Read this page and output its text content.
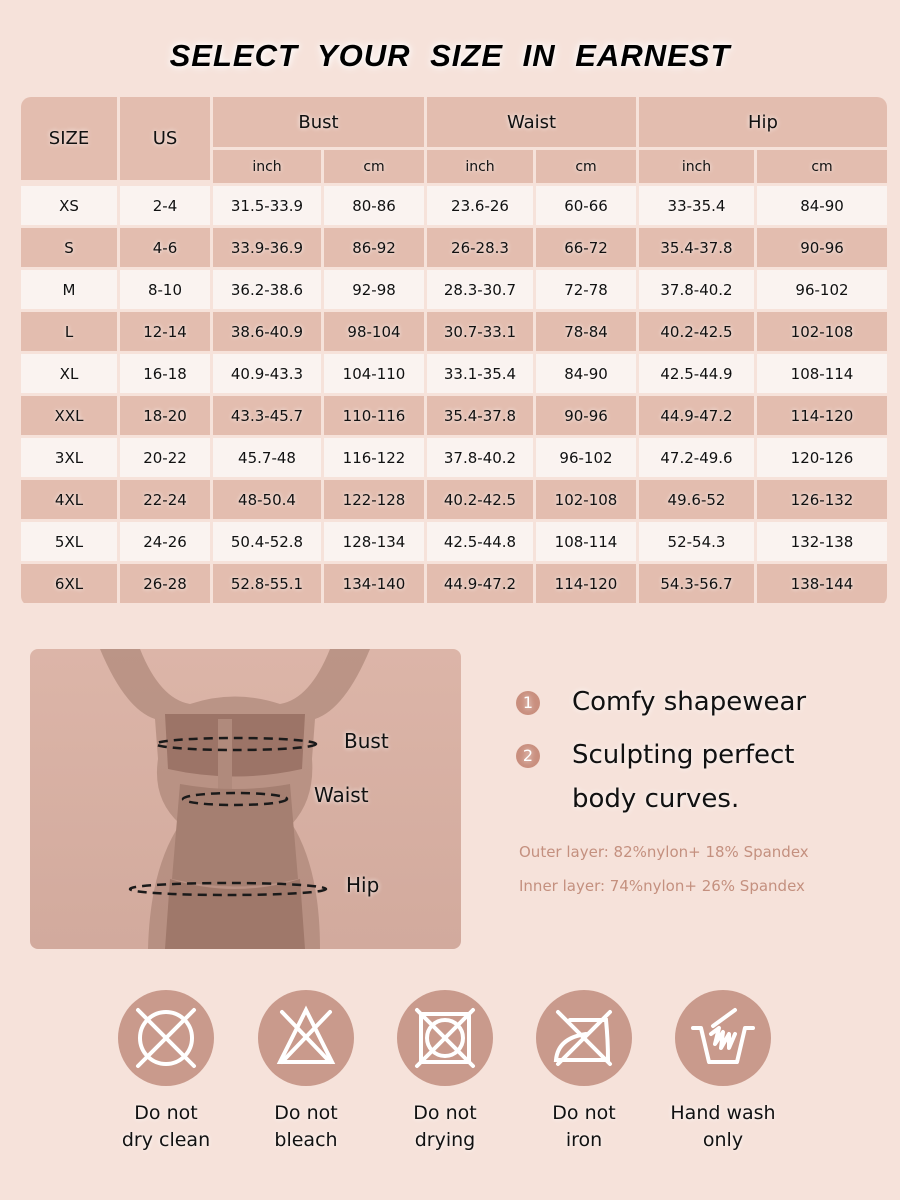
SELECT YOUR SIZE IN EARNEST
SIZE	US	Bust		Waist		Hip	
		inch	cm	inch	cm	inch	cm
XS	2-4	31.5-33.9	80-86	23.6-26	60-66	33-35.4	84-90
S	4-6	33.9-36.9	86-92	26-28.3	66-72	35.4-37.8	90-96
M	8-10	36.2-38.6	92-98	28.3-30.7	72-78	37.8-40.2	96-102
L	12-14	38.6-40.9	98-104	30.7-33.1	78-84	40.2-42.5	102-108
XL	16-18	40.9-43.3	104-110	33.1-35.4	84-90	42.5-44.9	108-114
XXL	18-20	43.3-45.7	110-116	35.4-37.8	90-96	44.9-47.2	114-120
3XL	20-22	45.7-48	116-122	37.8-40.2	96-102	47.2-49.6	120-126
4XL	22-24	48-50.4	122-128	40.2-42.5	102-108	49.6-52	126-132
5XL	24-26	50.4-52.8	128-134	42.5-44.8	108-114	52-54.3	132-138
6XL	26-28	52.8-55.1	134-140	44.9-47.2	114-120	54.3-56.7	138-144
Bust
Waist
Hip
1 Comfy shapewear
2 Sculpting perfect
body curves.
Outer layer: 82%nylon+ 18% Spandex
Inner layer: 74%nylon+ 26% Spandex
Do not
dry clean
Do not
bleach
Do not
drying
Do not
iron
Hand wash
only
